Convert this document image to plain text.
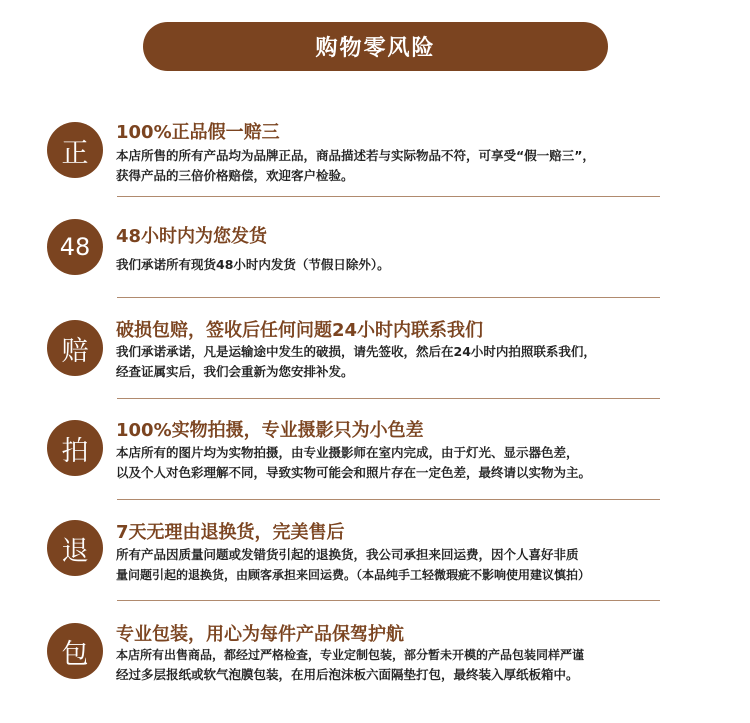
购物零风险
正
100%正品假一赔三
本店所售的所有产品均为品牌正品，商品描述若与实际物品不符，可享受“假一赔三”，
获得产品的三倍价格赔偿，欢迎客户检验。
48 48小时内为您发货
我们承诺所有现货48小时内发货（节假日除外）。
赔
破损包赔，签收后任何问题24小时内联系我们
我们承诺承诺，凡是运输途中发生的破损，请先签收，然后在24小时内拍照联系我们，
经查证属实后，我们会重新为您安排补发。
拍
100%实物拍摄，专业摄影只为小色差
本店所有的图片均为实物拍摄，由专业摄影师在室内完成，由于灯光、显示器色差，
以及个人对色彩理解不同，导致实物可能会和照片存在一定色差，最终请以实物为主。
退
7天无理由退换货，完美售后
所有产品因质量问题或发错货引起的退换货，我公司承担来回运费，因个人喜好非质
量问题引起的退换货，由顾客承担来回运费。（本品纯手工轻微瑕疵不影响使用建议慎拍）
包
专业包装，用心为每件产品保驾护航
本店所有出售商品，都经过严格检查，专业定制包装，部分暂未开模的产品包装同样严谨
经过多层报纸或软气泡膜包装，在用后泡沫板六面隔垫打包，最终装入厚纸板箱中。
